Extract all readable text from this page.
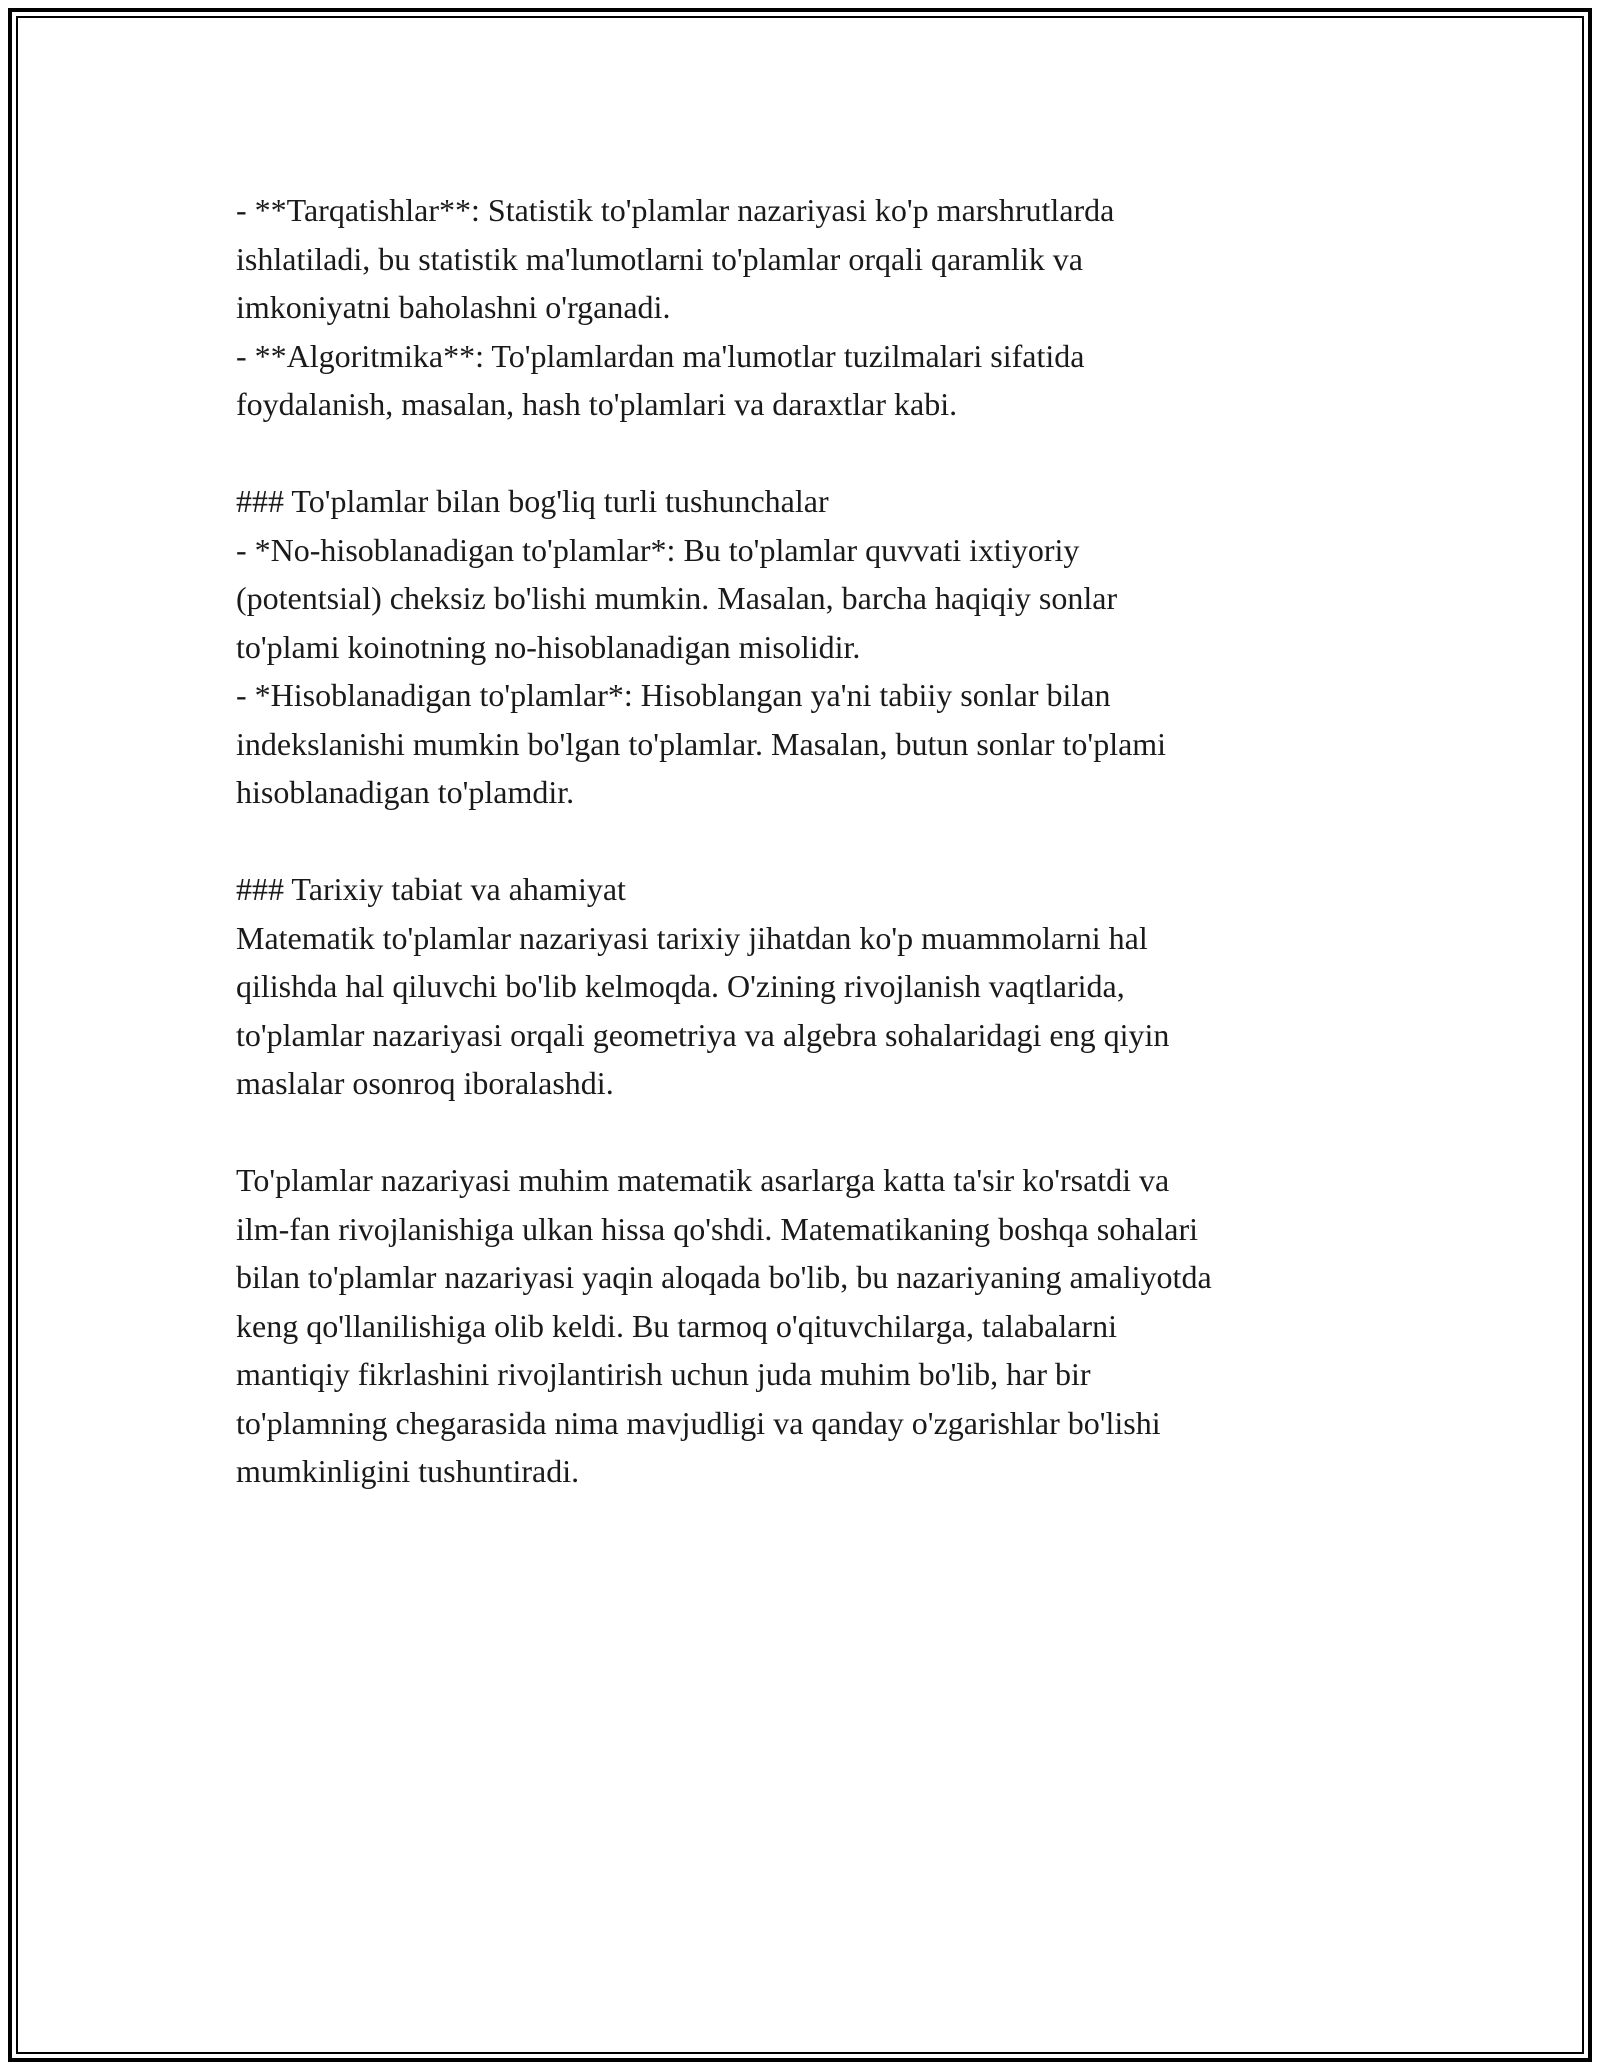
- **Tarqatishlar**: Statistik to'plamlar nazariyasi ko'p marshrutlarda
ishlatiladi, bu statistik ma'lumotlarni to'plamlar orqali qaramlik va
imkoniyatni baholashni o'rganadi.
- **Algoritmika**: To'plamlardan ma'lumotlar tuzilmalari sifatida
foydalanish, masalan, hash to'plamlari va daraxtlar kabi.
### To'plamlar bilan bog'liq turli tushunchalar
- *No-hisoblanadigan to'plamlar*: Bu to'plamlar quvvati ixtiyoriy
(potentsial) cheksiz bo'lishi mumkin. Masalan, barcha haqiqiy sonlar
to'plami koinotning no-hisoblanadigan misolidir.
- *Hisoblanadigan to'plamlar*: Hisoblangan ya'ni tabiiy sonlar bilan
indekslanishi mumkin bo'lgan to'plamlar. Masalan, butun sonlar to'plami
hisoblanadigan to'plamdir.
### Tarixiy tabiat va ahamiyat
Matematik to'plamlar nazariyasi tarixiy jihatdan ko'p muammolarni hal
qilishda hal qiluvchi bo'lib kelmoqda. O'zining rivojlanish vaqtlarida,
to'plamlar nazariyasi orqali geometriya va algebra sohalaridagi eng qiyin
maslalar osonroq iboralashdi.
To'plamlar nazariyasi muhim matematik asarlarga katta ta'sir ko'rsatdi va
ilm-fan rivojlanishiga ulkan hissa qo'shdi. Matematikaning boshqa sohalari
bilan to'plamlar nazariyasi yaqin aloqada bo'lib, bu nazariyaning amaliyotda
keng qo'llanilishiga olib keldi. Bu tarmoq o'qituvchilarga, talabalarni
mantiqiy fikrlashini rivojlantirish uchun juda muhim bo'lib, har bir
to'plamning chegarasida nima mavjudligi va qanday o'zgarishlar bo'lishi
mumkinligini tushuntiradi.
